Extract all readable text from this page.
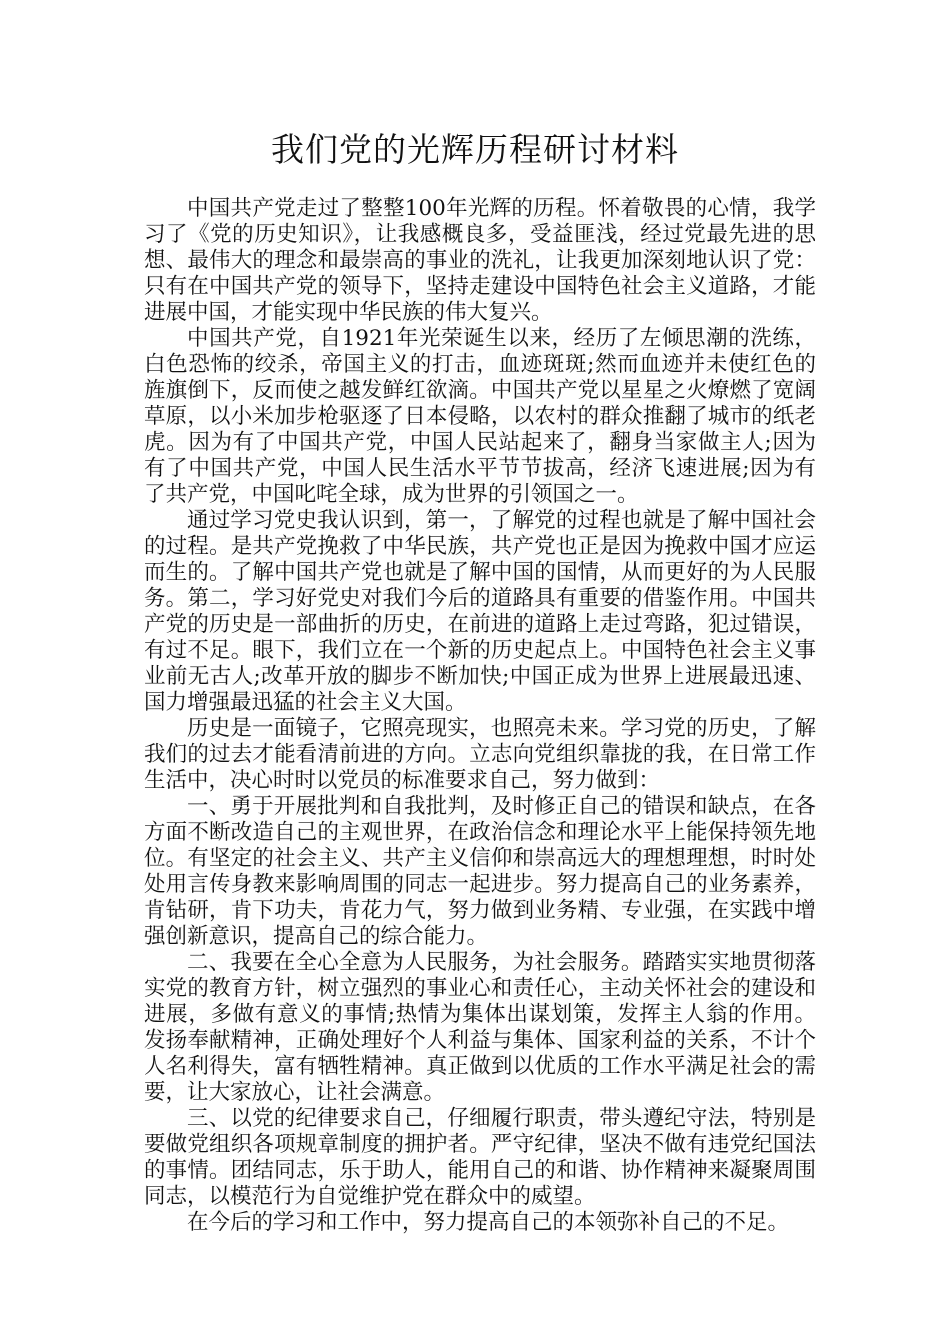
我们党的光辉历程研讨材料

中国共产党走过了整整100年光辉的历程。怀着敬畏的心情，我学习了《党的历史知识》，让我感概良多，受益匪浅，经过党最先进的思想、最伟大的理念和最崇高的事业的洗礼，让我更加深刻地认识了党：只有在中国共产党的领导下，坚持走建设中国特色社会主义道路，才能进展中国，才能实现中华民族的伟大复兴。

中国共产党，自1921年光荣诞生以来，经历了左倾思潮的洗练，白色恐怖的绞杀，帝国主义的打击，血迹斑斑;然而血迹并未使红色的旌旗倒下，反而使之越发鲜红欲滴。中国共产党以星星之火燎燃了宽阔草原，以小米加步枪驱逐了日本侵略，以农村的群众推翻了城市的纸老虎。因为有了中国共产党，中国人民站起来了，翻身当家做主人;因为有了中国共产党，中国人民生活水平节节拔高，经济飞速进展;因为有了共产党，中国叱咤全球，成为世界的引领国之一。

通过学习党史我认识到，第一，了解党的过程也就是了解中国社会的过程。是共产党挽救了中华民族，共产党也正是因为挽救中国才应运而生的。了解中国共产党也就是了解中国的国情，从而更好的为人民服务。第二，学习好党史对我们今后的道路具有重要的借鉴作用。中国共产党的历史是一部曲折的历史，在前进的道路上走过弯路，犯过错误，有过不足。眼下，我们立在一个新的历史起点上。中国特色社会主义事业前无古人;改革开放的脚步不断加快;中国正成为世界上进展最迅速、国力增强最迅猛的社会主义大国。

历史是一面镜子，它照亮现实，也照亮未来。学习党的历史，了解我们的过去才能看清前进的方向。立志向党组织靠拢的我，在日常工作生活中，决心时时以党员的标准要求自己，努力做到：

一、勇于开展批判和自我批判，及时修正自己的错误和缺点，在各方面不断改造自己的主观世界，在政治信念和理论水平上能保持领先地位。有坚定的社会主义、共产主义信仰和崇高远大的理想理想，时时处处用言传身教来影响周围的同志一起进步。努力提高自己的业务素养，肯钻研，肯下功夫，肯花力气，努力做到业务精、专业强，在实践中增强创新意识，提高自己的综合能力。

二、我要在全心全意为人民服务，为社会服务。踏踏实实地贯彻落实党的教育方针，树立强烈的事业心和责任心，主动关怀社会的建设和进展，多做有意义的事情;热情为集体出谋划策，发挥主人翁的作用。发扬奉献精神，正确处理好个人利益与集体、国家利益的关系，不计个人名利得失，富有牺牲精神。真正做到以优质的工作水平满足社会的需要，让大家放心，让社会满意。

三、以党的纪律要求自己，仔细履行职责，带头遵纪守法，特别是要做党组织各项规章制度的拥护者。严守纪律，坚决不做有违党纪国法的事情。团结同志，乐于助人，能用自己的和谐、协作精神来凝聚周围同志，以模范行为自觉维护党在群众中的威望。

在今后的学习和工作中，努力提高自己的本领弥补自己的不足。
